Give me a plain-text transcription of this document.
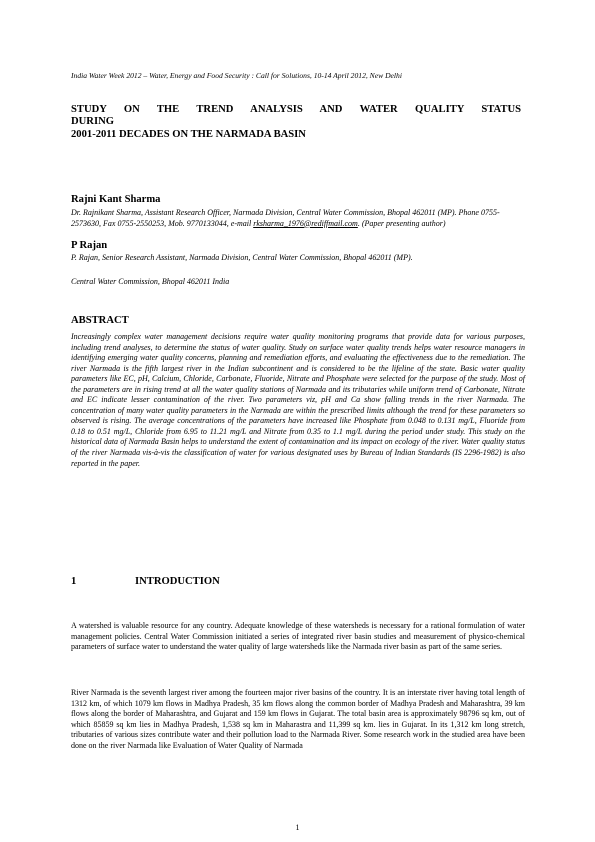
India Water Week 2012 – Water, Energy and Food Security : Call for Solutions, 10-14 April 2012, New Delhi
STUDY ON THE TREND ANALYSIS AND WATER QUALITY STATUS
DURING
2001-2011 DECADES ON THE NARMADA BASIN
Rajni Kant Sharma
Dr. Rajnikant Sharma, Assistant Research Officer, Narmada Division, Central Water Commission, Bhopal 462011 (MP). Phone 0755-2573630, Fax 0755-2550253, Mob. 9770133044, e-mail rksharma_1976@rediffmail.com. (Paper presenting author)
P Rajan
P. Rajan, Senior Research Assistant, Narmada Division, Central Water Commission, Bhopal 462011 (MP).
Central Water Commission, Bhopal 462011 India
ABSTRACT

Increasingly complex water management decisions require water quality monitoring programs that provide data for various purposes, including trend analyses, to determine the status of water quality. Study on surface water quality trends helps water resource managers in identifying emerging water quality concerns, planning and remediation efforts, and evaluating the effectiveness due to the remediation. The river Narmada is the fifth largest river in the Indian subcontinent and is considered to be the lifeline of the state. Basic water quality parameters like EC, pH, Calcium, Chloride, Carbonate, Fluoride, Nitrate and Phosphate were selected for the purpose of the study. Most of the parameters are in rising trend at all the water quality stations of Narmada and its tributaries while uniform trend of Carbonate, Nitrate and EC indicate lesser contamination of the river. Two parameters viz, pH and Ca show falling trends in the river Narmada. The concentration of many water quality parameters in the Narmada are within the prescribed limits although the trend for these parameters so observed is rising. The average concentrations of the parameters have increased like Phosphate from 0.048 to 0.131 mg/L, Fluoride from 0.18 to 0.51 mg/L, Chloride from 6.95 to 11.21 mg/L and Nitrate from 0.35 to 1.1 mg/L during the period under study. This study on the historical data of Narmada Basin helps to understand the extent of contamination and its impact on ecology of the river. Water quality status of the river Narmada vis-à-vis the classification of water for various designated uses by Bureau of Indian Standards (IS 2296-1982) is also reported in the paper.

1	INTRODUCTION

A watershed is valuable resource for any country. Adequate knowledge of these watersheds is necessary for a rational formulation of water management policies. Central Water Commission initiated a series of integrated river basin studies and measurement of physico-chemical parameters of surface water to understand the water quality of large watersheds like the Narmada river basin as part of the same series.

River Narmada is the seventh largest river among the fourteen major river basins of the country. It is an interstate river having total length of 1312 km, of which 1079 km flows in Madhya Pradesh, 35 km flows along the common border of Madhya Pradesh and Maharashtra, 39 km flows along the border of Maharashtra, and Gujarat and 159 km flows in Gujarat. The total basin area is approximately 98796 sq km, out of which 85859 sq km lies in Madhya Pradesh, 1,538 sq km in Maharastra and 11,399 sq km. lies in Gujarat. In its 1,312 km long stretch, tributaries of various sizes contribute water and their pollution load to the Narmada River. Some research work in the studied area have been done on the river Narmada like Evaluation of Water Quality of Narmada

1
